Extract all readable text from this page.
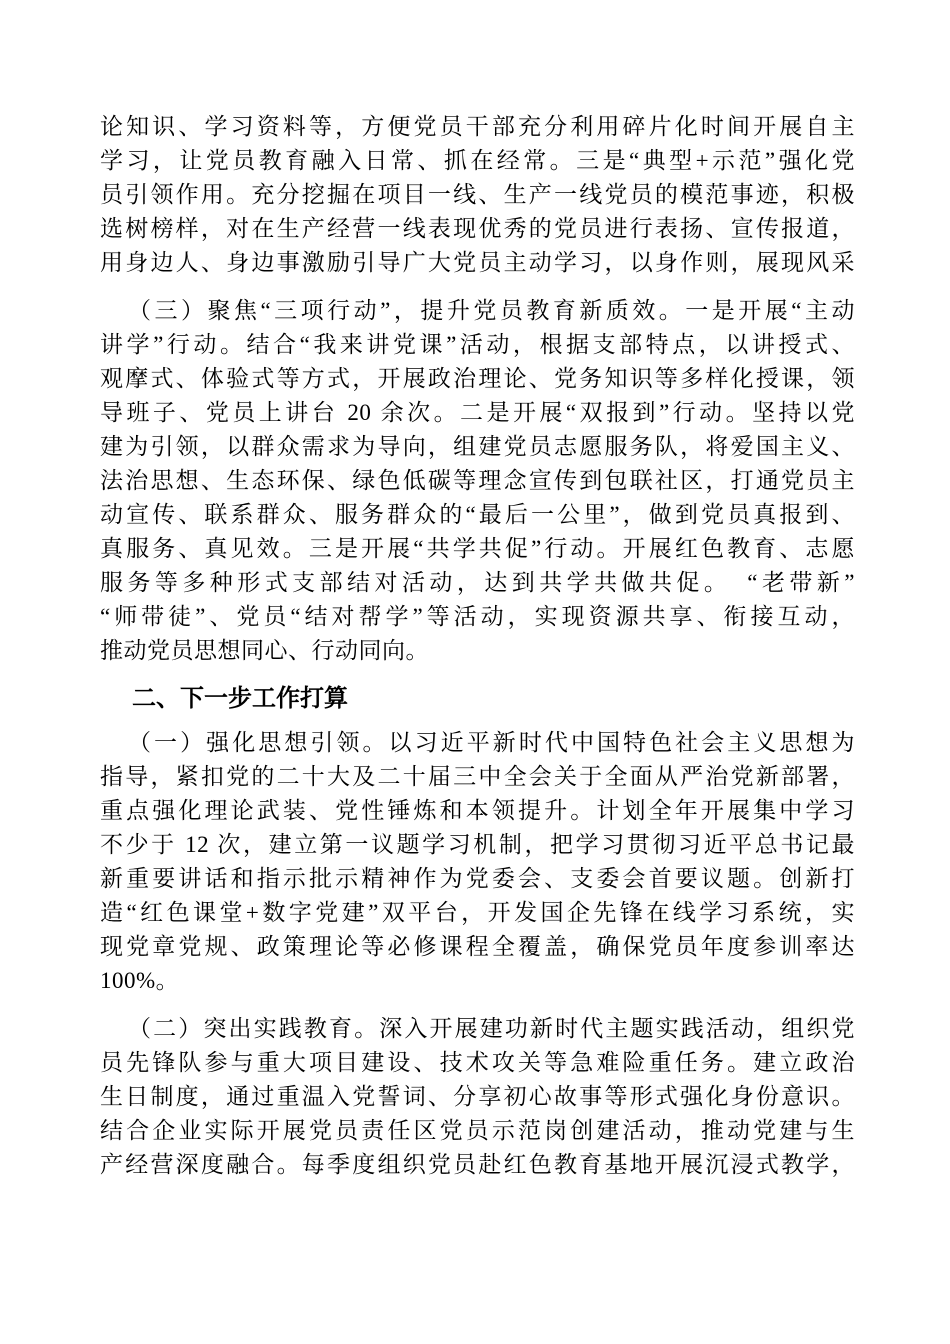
论知识、学习资料等，方便党员干部充分利用碎片化时间开展自主
学习，让党员教育融入日常、抓在经常。三是“典型+示范”强化党
员引领作用。充分挖掘在项目一线、生产一线党员的模范事迹，积极
选树榜样，对在生产经营一线表现优秀的党员进行表扬、宣传报道，
用身边人、身边事激励引导广大党员主动学习，以身作则，展现风采
（三）聚焦“三项行动”，提升党员教育新质效。一是开展“主动
讲学”行动。结合“我来讲党课”活动，根据支部特点，以讲授式、
观摩式、体验式等方式，开展政治理论、党务知识等多样化授课，领
导班子、党员上讲台 20 余次。二是开展“双报到”行动。坚持以党
建为引领，以群众需求为导向，组建党员志愿服务队，将爱国主义、
法治思想、生态环保、绿色低碳等理念宣传到包联社区，打通党员主
动宣传、联系群众、服务群众的“最后一公里”，做到党员真报到、
真服务、真见效。三是开展“共学共促”行动。开展红色教育、志愿
服务等多种形式支部结对活动，达到共学共做共促。　“老带新”
“师带徒”、党员“结对帮学”等活动，实现资源共享、衔接互动，
推动党员思想同心、行动同向。
二、下一步工作打算
（一）强化思想引领。以习近平新时代中国特色社会主义思想为
指导，紧扣党的二十大及二十届三中全会关于全面从严治党新部署，
重点强化理论武装、党性锤炼和本领提升。计划全年开展集中学习
不少于 12 次，建立第一议题学习机制，把学习贯彻习近平总书记最
新重要讲话和指示批示精神作为党委会、支委会首要议题。创新打
造“红色课堂+数字党建”双平台，开发国企先锋在线学习系统，实
现党章党规、政策理论等必修课程全覆盖，确保党员年度参训率达
100%。
（二）突出实践教育。深入开展建功新时代主题实践活动，组织党
员先锋队参与重大项目建设、技术攻关等急难险重任务。建立政治
生日制度，通过重温入党誓词、分享初心故事等形式强化身份意识。
结合企业实际开展党员责任区党员示范岗创建活动，推动党建与生
产经营深度融合。每季度组织党员赴红色教育基地开展沉浸式教学，
